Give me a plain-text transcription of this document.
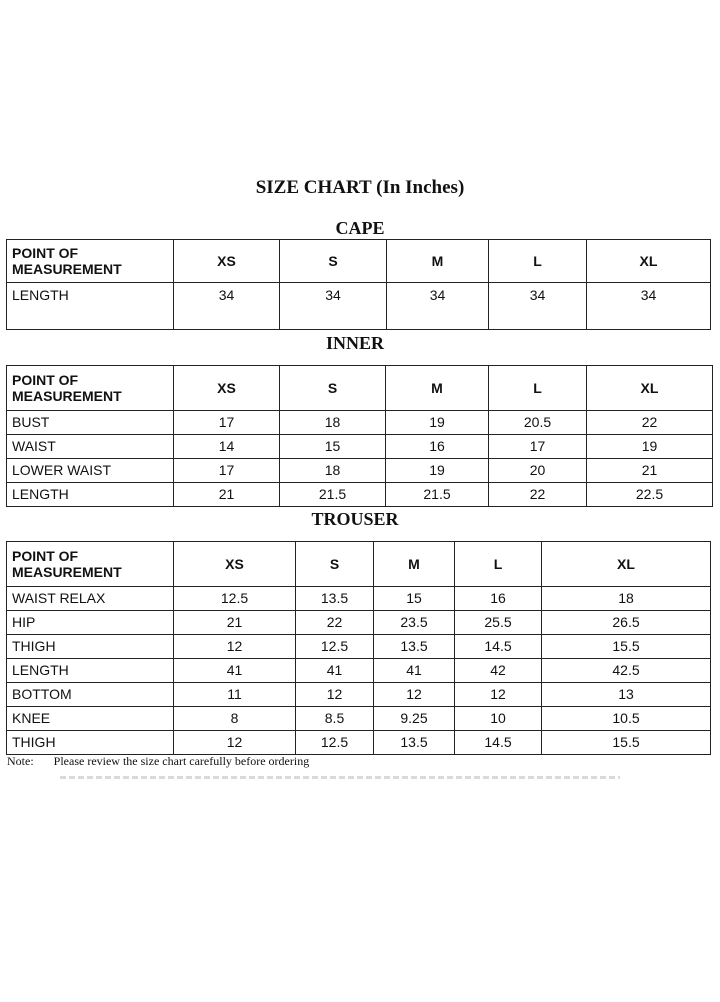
SIZE CHART (In Inches)
CAPE
POINT OF MEASUREMENT	XS	S	M	L	XL
LENGTH	34	34	34	34	34
INNER
POINT OF MEASUREMENT	XS	S	M	L	XL
BUST	17	18	19	20.5	22
WAIST	14	15	16	17	19
LOWER WAIST	17	18	19	20	21
LENGTH	21	21.5	21.5	22	22.5
TROUSER
POINT OF MEASUREMENT	XS	S	M	L	XL
WAIST RELAX	12.5	13.5	15	16	18
HIP	21	22	23.5	25.5	26.5
THIGH	12	12.5	13.5	14.5	15.5
LENGTH	41	41	41	42	42.5
BOTTOM	11	12	12	12	13
KNEE	8	8.5	9.25	10	10.5
THIGH	12	12.5	13.5	14.5	15.5
Note: Please review the size chart carefully before ordering
